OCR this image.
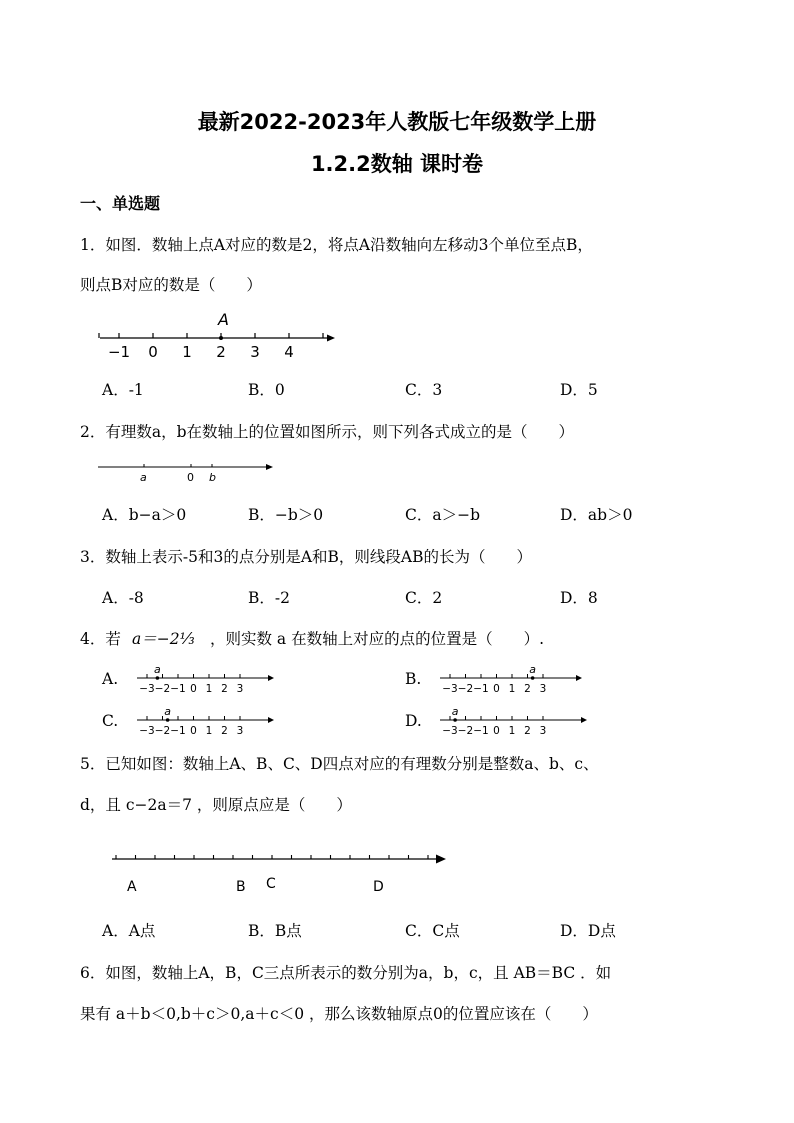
最新2022-2023年人教版七年级数学上册
1.2.2数轴 课时卷
一、单选题
1．如图．数轴上点A对应的数是2，将点A沿数轴向左移动3个单位至点B，
则点B对应的数是（　　）
−1 0 1 2 3 4
A
A．-1	B．0	C．3	D．5
2．有理数a，b在数轴上的位置如图所示，则下列各式成立的是（　　）
a	0 b
A．b−a＞0	B．−b＞0	C．a＞−b	D．ab＞0
3．数轴上表示-5和3的点分别是A和B，则线段AB的长为（　　）
A．-8	B．-2	C．2	D．8
4．若 a＝−2⅓ ，则实数 a 在数轴上对应的点的位置是（　　）.
A.	B.
C.	D.
−3 −2 −1 0 1 2 3
a
−3 −2 −1 0 1 2 3
a
−3 −2 −1 0 1 2 3
a
−3 −2 −1 0 1 2 3
a
5．已知如图：数轴上A、B、C、D四点对应的有理数分别是整数a、b、c、
d，且 c−2a＝7 ，则原点应是（　　）
A	B C	D
A．A点	B．B点	C．C点	D．D点
6．如图，数轴上A，B，C三点所表示的数分别为a，b，c，且 AB＝BC ．如
果有 a＋b＜0,b＋c＞0,a＋c＜0 ，那么该数轴原点0的位置应该在（　　）
